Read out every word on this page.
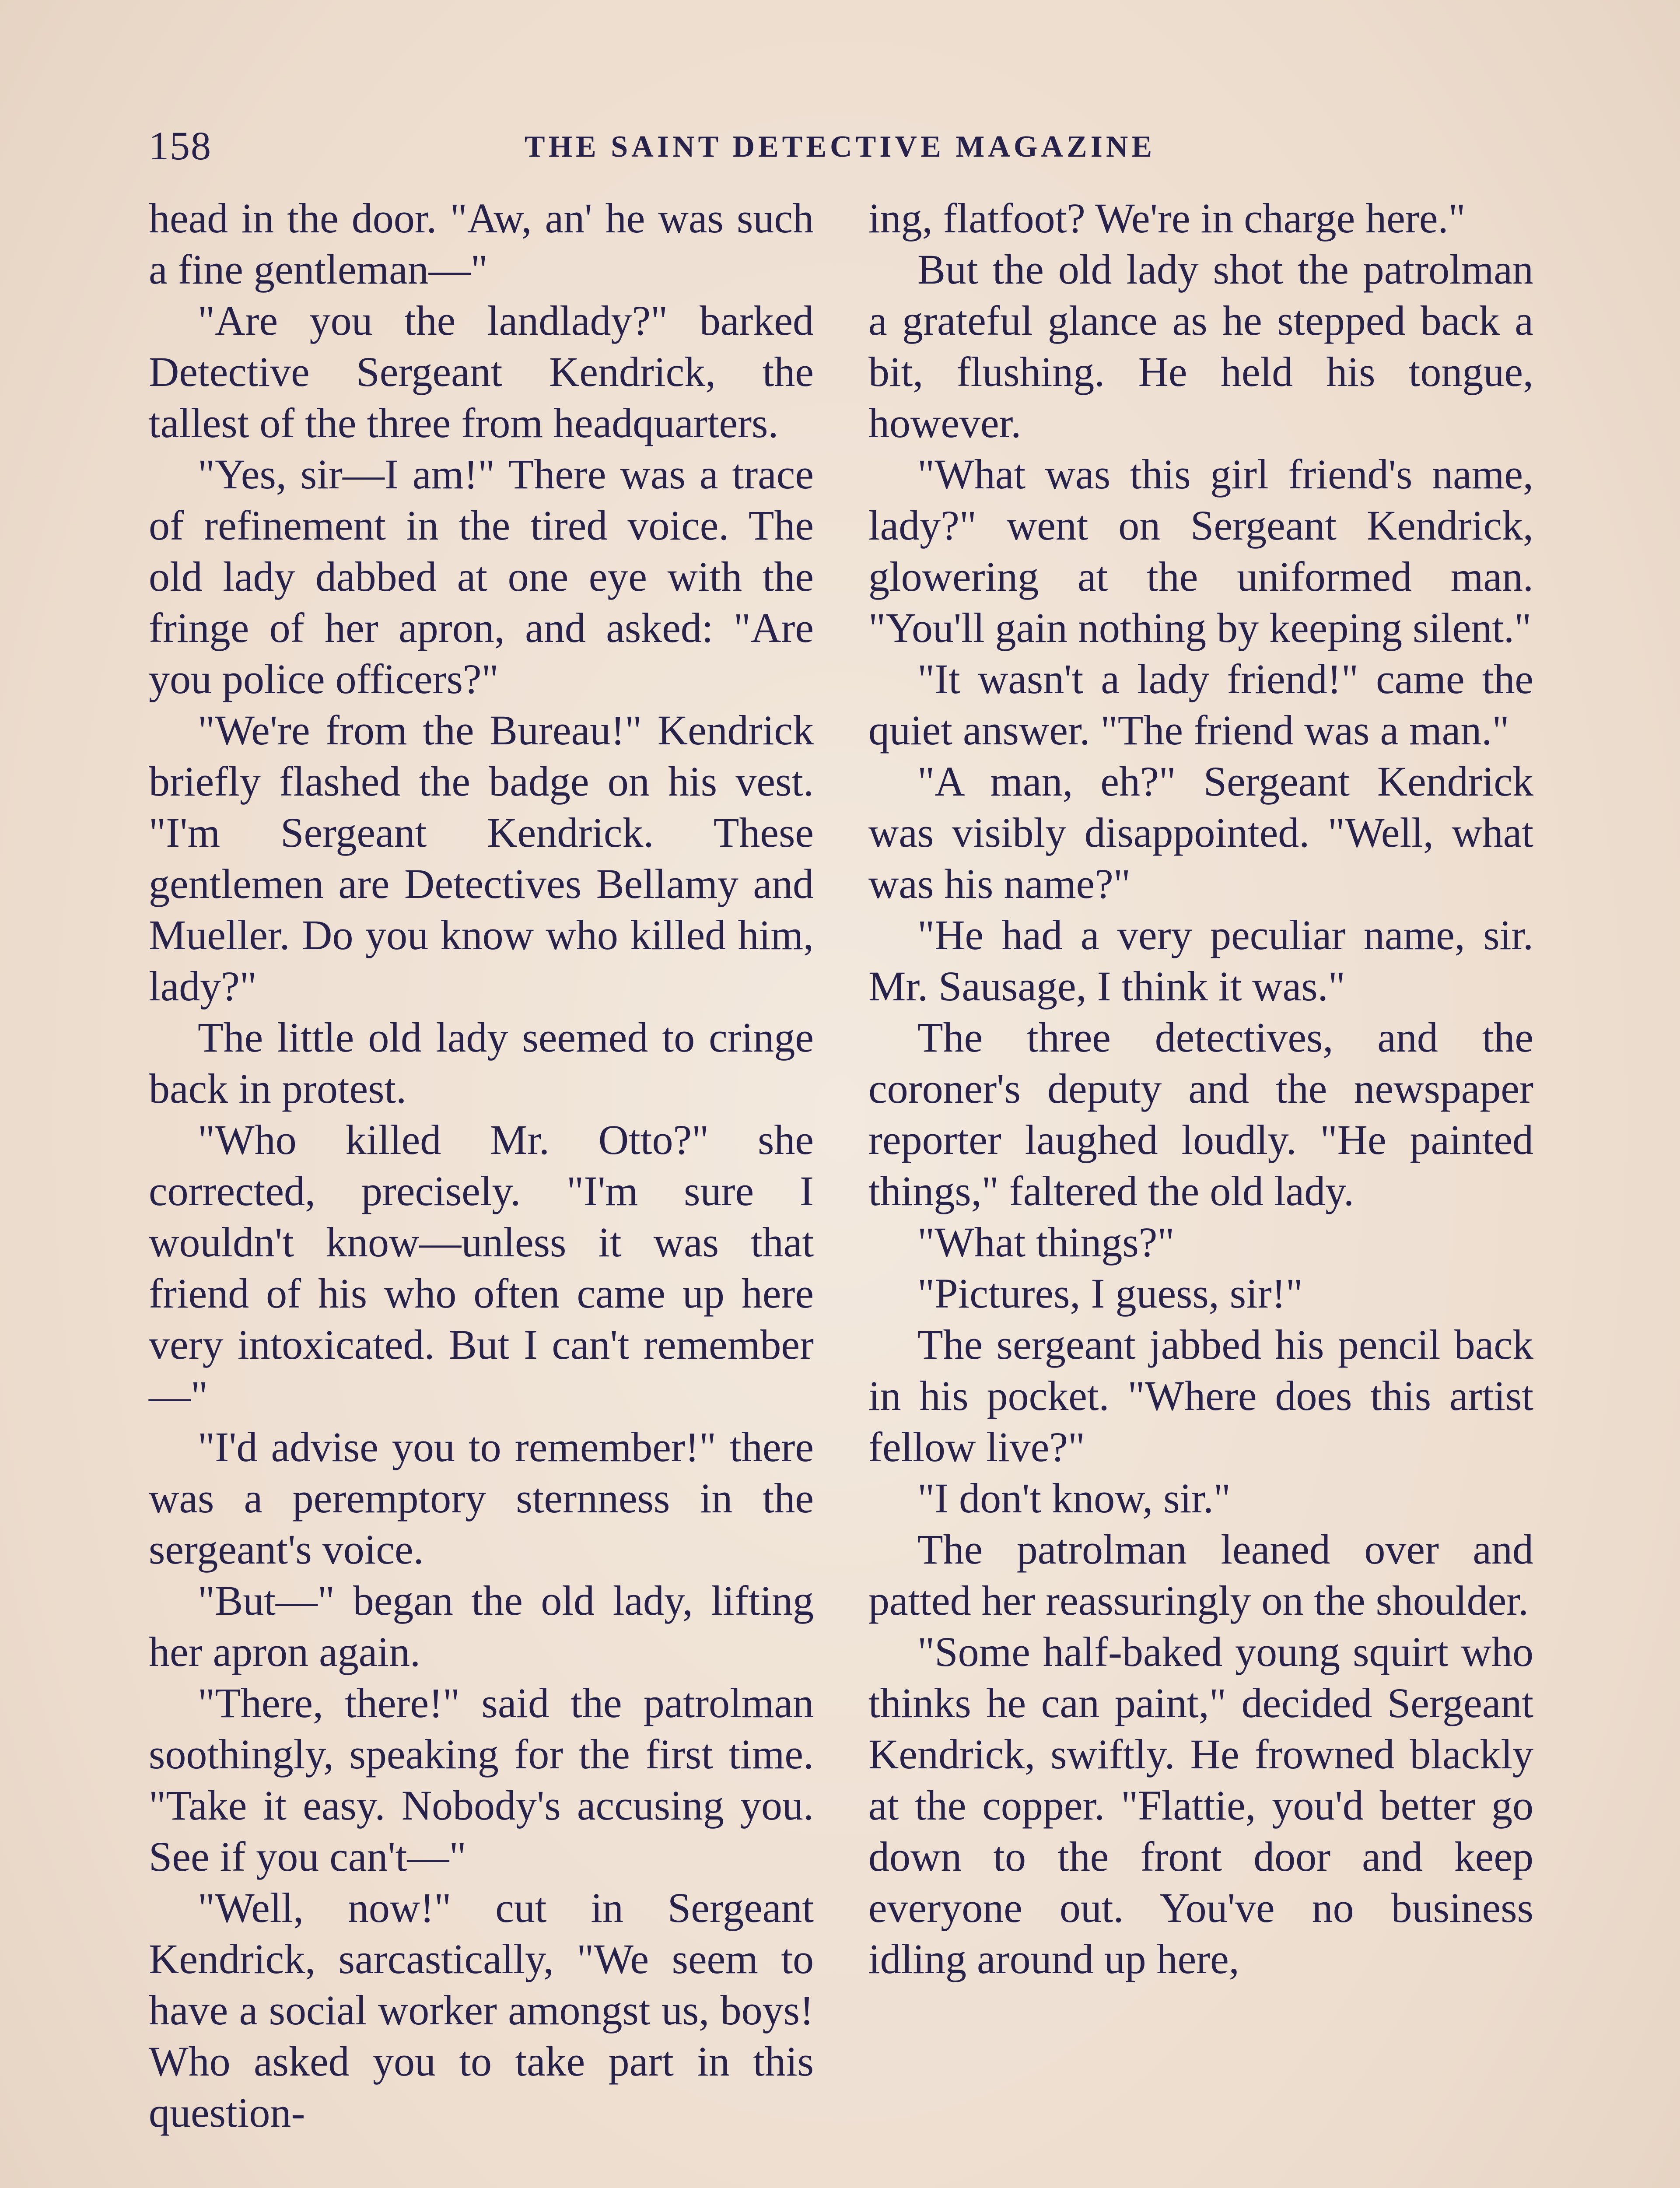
158	THE SAINT DETECTIVE MAGAZINE

head in the door. "Aw, an' he was such a fine gentleman—"

"Are you the landlady?" barked Detective Sergeant Kendrick, the tallest of the three from headquarters.

"Yes, sir—I am!" There was a trace of refinement in the tired voice. The old lady dabbed at one eye with the fringe of her apron, and asked: "Are you police officers?"

"We're from the Bureau!" Kendrick briefly flashed the badge on his vest. "I'm Sergeant Kendrick. These gentlemen are Detectives Bellamy and Mueller. Do you know who killed him, lady?"

The little old lady seemed to cringe back in protest.

"Who killed Mr. Otto?" she corrected, precisely. "I'm sure I wouldn't know—unless it was that friend of his who often came up here very intoxicated. But I can't remember—"

"I'd advise you to remember!" there was a peremptory sternness in the sergeant's voice.

"But—" began the old lady, lifting her apron again.

"There, there!" said the patrolman soothingly, speaking for the first time. "Take it easy. Nobody's accusing you. See if you can't—"

"Well, now!" cut in Sergeant Kendrick, sarcastically, "We seem to have a social worker amongst us, boys! Who asked you to take part in this question-

ing, flatfoot? We're in charge here."

But the old lady shot the patrolman a grateful glance as he stepped back a bit, flushing. He held his tongue, however.

"What was this girl friend's name, lady?" went on Sergeant Kendrick, glowering at the uniformed man. "You'll gain nothing by keeping silent."

"It wasn't a lady friend!" came the quiet answer. "The friend was a man."

"A man, eh?" Sergeant Kendrick was visibly disappointed. "Well, what was his name?"

"He had a very peculiar name, sir. Mr. Sausage, I think it was."

The three detectives, and the coroner's deputy and the newspaper reporter laughed loudly. "He painted things," faltered the old lady.

"What things?"

"Pictures, I guess, sir!"

The sergeant jabbed his pencil back in his pocket. "Where does this artist fellow live?"

"I don't know, sir."

The patrolman leaned over and patted her reassuringly on the shoulder.

"Some half-baked young squirt who thinks he can paint," decided Sergeant Kendrick, swiftly. He frowned blackly at the copper. "Flattie, you'd better go down to the front door and keep everyone out. You've no business idling around up here,
